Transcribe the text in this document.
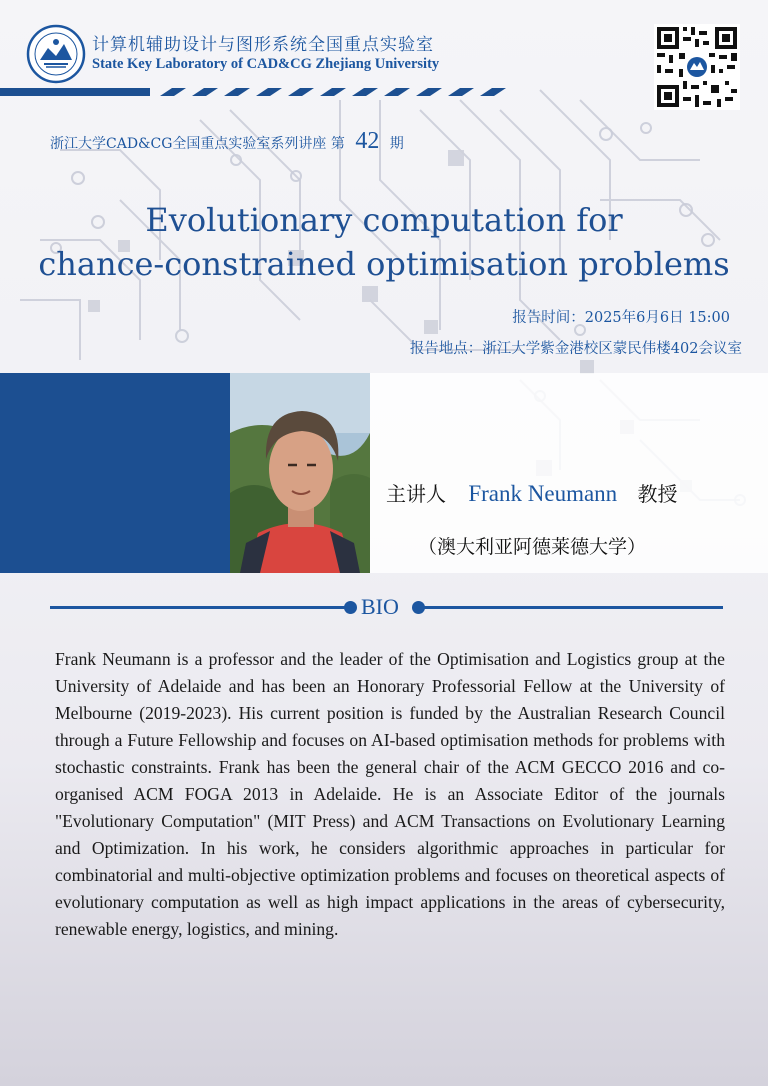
计算机辅助设计与图形系统全国重点实验室
State Key Laboratory of CAD&CG Zhejiang University
浙江大学CAD&CG全国重点实验室系列讲座 第 42 期
Evolutionary computation for
chance-constrained optimisation problems
报告时间：2025年6月6日 15:00
报告地点：浙江大学紫金港校区蒙民伟楼402会议室
主讲人 Frank Neumann 教授
（澳大利亚阿德莱德大学）
BIO
Frank Neumann is a professor and the leader of the Optimisation and Logistics group at the University of Adelaide and has been an Honorary Professorial Fellow at the University of Melbourne (2019-2023). His current position is funded by the Australian Research Council through a Future Fellowship and focuses on AI-based optimisation methods for problems with stochastic constraints. Frank has been the general chair of the ACM GECCO 2016 and co-organised ACM FOGA 2013 in Adelaide. He is an Associate Editor of the journals "Evolutionary Computation" (MIT Press) and ACM Transactions on Evolutionary Learning and Optimization. In his work, he considers algorithmic approaches in particular for combinatorial and multi-objective optimization problems and focuses on theoretical aspects of evolutionary computation as well as high impact applications in the areas of cybersecurity, renewable energy, logistics, and mining.
